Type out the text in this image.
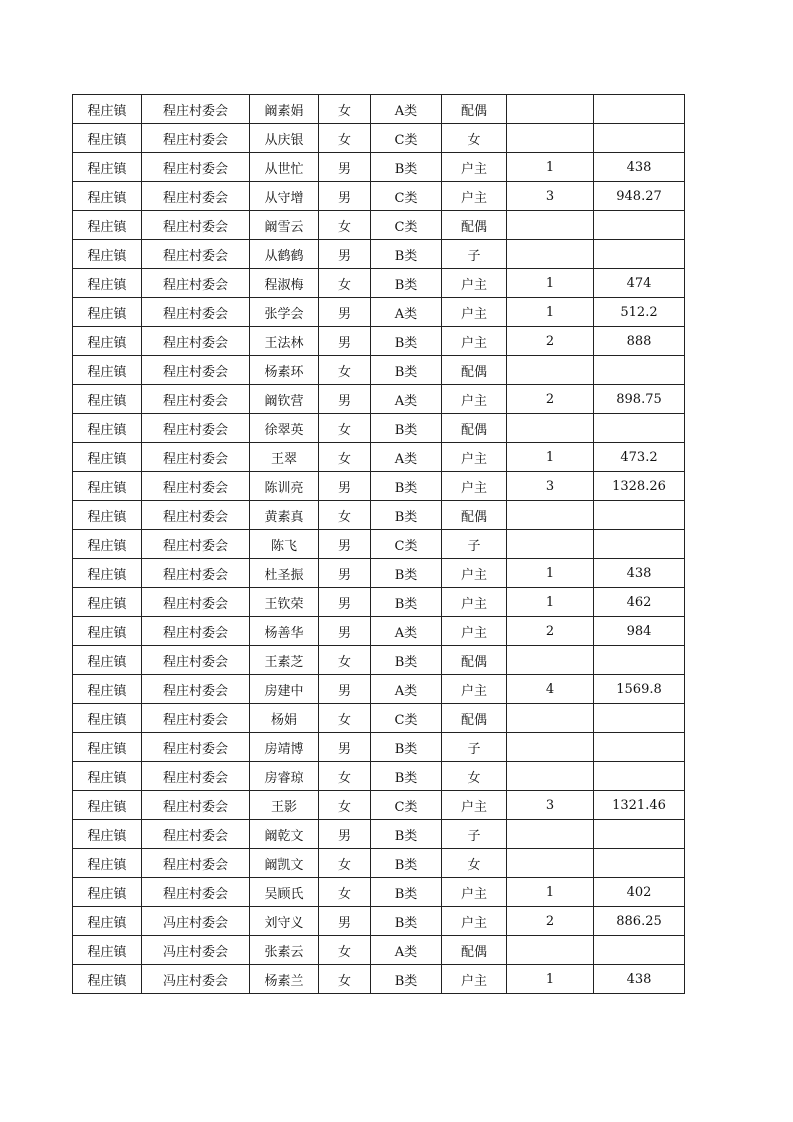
程庄镇	程庄村委会	阚素娟	女	A类	配偶		
程庄镇	程庄村委会	从庆银	女	C类	女		
程庄镇	程庄村委会	从世忙	男	B类	户主	1	438
程庄镇	程庄村委会	从守增	男	C类	户主	3	948.27
程庄镇	程庄村委会	阚雪云	女	C类	配偶		
程庄镇	程庄村委会	从鹤鹤	男	B类	子		
程庄镇	程庄村委会	程淑梅	女	B类	户主	1	474
程庄镇	程庄村委会	张学会	男	A类	户主	1	512.2
程庄镇	程庄村委会	王法林	男	B类	户主	2	888
程庄镇	程庄村委会	杨素环	女	B类	配偶		
程庄镇	程庄村委会	阚钦营	男	A类	户主	2	898.75
程庄镇	程庄村委会	徐翠英	女	B类	配偶		
程庄镇	程庄村委会	王翠	女	A类	户主	1	473.2
程庄镇	程庄村委会	陈训亮	男	B类	户主	3	1328.26
程庄镇	程庄村委会	黄素真	女	B类	配偶		
程庄镇	程庄村委会	陈飞	男	C类	子		
程庄镇	程庄村委会	杜圣振	男	B类	户主	1	438
程庄镇	程庄村委会	王钦荣	男	B类	户主	1	462
程庄镇	程庄村委会	杨善华	男	A类	户主	2	984
程庄镇	程庄村委会	王素芝	女	B类	配偶		
程庄镇	程庄村委会	房建中	男	A类	户主	4	1569.8
程庄镇	程庄村委会	杨娟	女	C类	配偶		
程庄镇	程庄村委会	房靖博	男	B类	子		
程庄镇	程庄村委会	房睿琼	女	B类	女		
程庄镇	程庄村委会	王影	女	C类	户主	3	1321.46
程庄镇	程庄村委会	阚乾文	男	B类	子		
程庄镇	程庄村委会	阚凯文	女	B类	女		
程庄镇	程庄村委会	吴顾氏	女	B类	户主	1	402
程庄镇	冯庄村委会	刘守义	男	B类	户主	2	886.25
程庄镇	冯庄村委会	张素云	女	A类	配偶		
程庄镇	冯庄村委会	杨素兰	女	B类	户主	1	438
